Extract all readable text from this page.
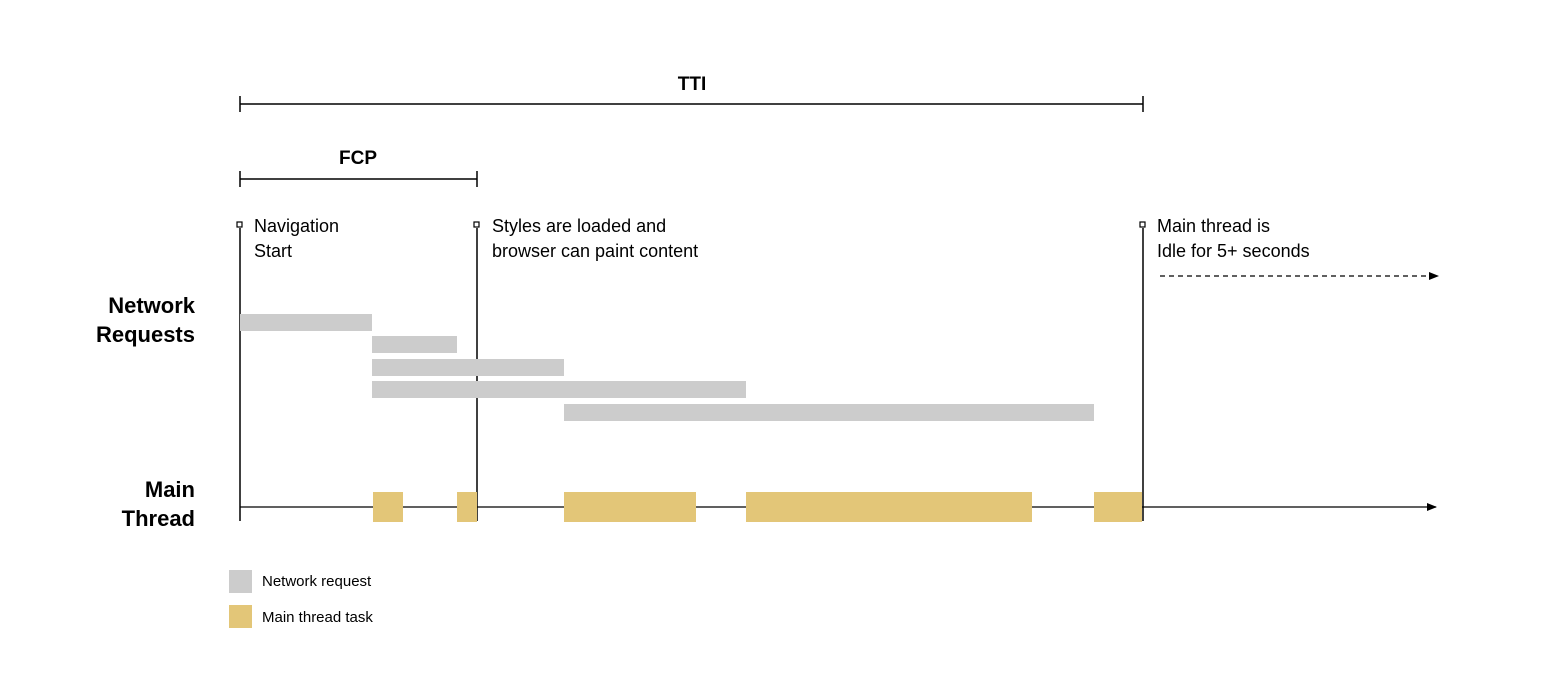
TTI
FCP
Navigation
Start
Styles are loaded and
browser can paint content
Main thread is
Idle for 5+ seconds
Network
Requests
Main
Thread
Network request
Main thread task
